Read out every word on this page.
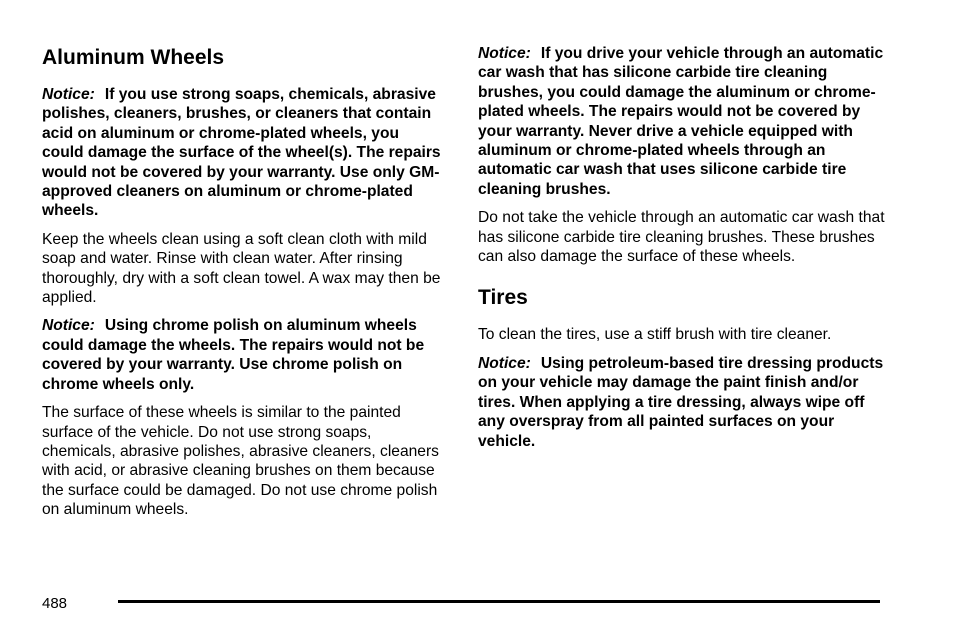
Aluminum Wheels

Notice: If you use strong soaps, chemicals, abrasive polishes, cleaners, brushes, or cleaners that contain acid on aluminum or chrome-plated wheels, you could damage the surface of the wheel(s). The repairs would not be covered by your warranty. Use only GM-approved cleaners on aluminum or chrome-plated wheels.

Keep the wheels clean using a soft clean cloth with mild soap and water. Rinse with clean water. After rinsing thoroughly, dry with a soft clean towel. A wax may then be applied.

Notice: Using chrome polish on aluminum wheels could damage the wheels. The repairs would not be covered by your warranty. Use chrome polish on chrome wheels only.

The surface of these wheels is similar to the painted surface of the vehicle. Do not use strong soaps, chemicals, abrasive polishes, abrasive cleaners, cleaners with acid, or abrasive cleaning brushes on them because the surface could be damaged. Do not use chrome polish on aluminum wheels.

Notice: If you drive your vehicle through an automatic car wash that has silicone carbide tire cleaning brushes, you could damage the aluminum or chrome-plated wheels. The repairs would not be covered by your warranty. Never drive a vehicle equipped with aluminum or chrome-plated wheels through an automatic car wash that uses silicone carbide tire cleaning brushes.

Do not take the vehicle through an automatic car wash that has silicone carbide tire cleaning brushes. These brushes can also damage the surface of these wheels.

Tires

To clean the tires, use a stiff brush with tire cleaner.

Notice: Using petroleum-based tire dressing products on your vehicle may damage the paint finish and/or tires. When applying a tire dressing, always wipe off any overspray from all painted surfaces on your vehicle.

488
